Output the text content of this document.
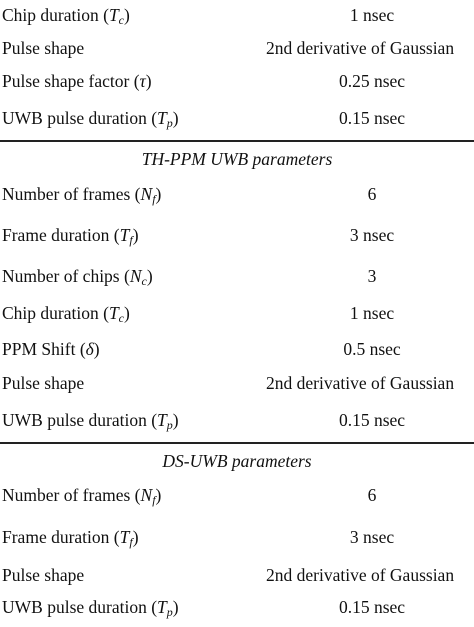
Chip duration $(T_c)$	1 nsec
Pulse shape	2nd derivative of Gaussian
Pulse shape factor (τ)	0.25 nsec
UWB pulse duration $(T_p)$	0.15 nsec
TH-PPM UWB parameters
Number of frames $(N_f)$	6
Frame duration $(T_f)$	3 nsec
Number of chips $(N_c)$	3
Chip duration $(T_c)$	1 nsec
PPM Shift (δ)	0.5 nsec
Pulse shape	2nd derivative of Gaussian
UWB pulse duration $(T_p)$	0.15 nsec
DS-UWB parameters
Number of frames $(N_f)$	6
Frame duration $(T_f)$	3 nsec
Pulse shape	2nd derivative of Gaussian
UWB pulse duration $(T_p)$	0.15 nsec
